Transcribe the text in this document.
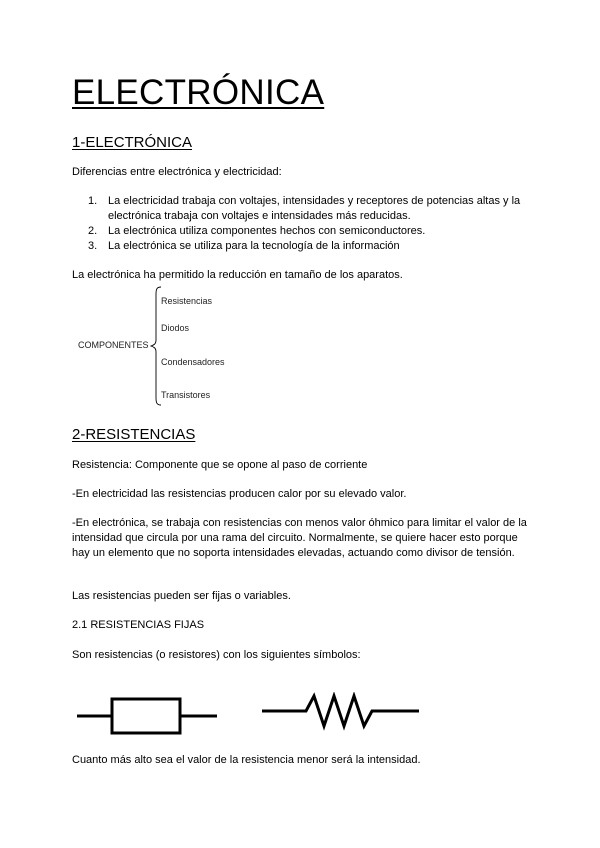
ELECTRÓNICA
1-ELECTRÓNICA
Diferencias entre electrónica y electricidad:
1. La electricidad trabaja con voltajes, intensidades y receptores de potencias altas y la electrónica trabaja con voltajes e intensidades más reducidas.
2. La electrónica utiliza componentes hechos con semiconductores.
3. La electrónica se utiliza para la tecnología de la información
La electrónica ha permitido la reducción en tamaño de los aparatos.
COMPONENTES
Resistencias
Diodos
Condensadores
Transistores
2-RESISTENCIAS
Resistencia: Componente que se opone al paso de corriente
-En electricidad las resistencias producen calor por su elevado valor.
-En electrónica, se trabaja con resistencias con menos valor óhmico para limitar el valor de la intensidad que circula por una rama del circuito. Normalmente, se quiere hacer esto porque hay un elemento que no soporta intensidades elevadas, actuando como divisor de tensión.
Las resistencias pueden ser fijas o variables.
2.1 RESISTENCIAS FIJAS
Son resistencias (o resistores) con los siguientes símbolos:
Cuanto más alto sea el valor de la resistencia menor será la intensidad.
